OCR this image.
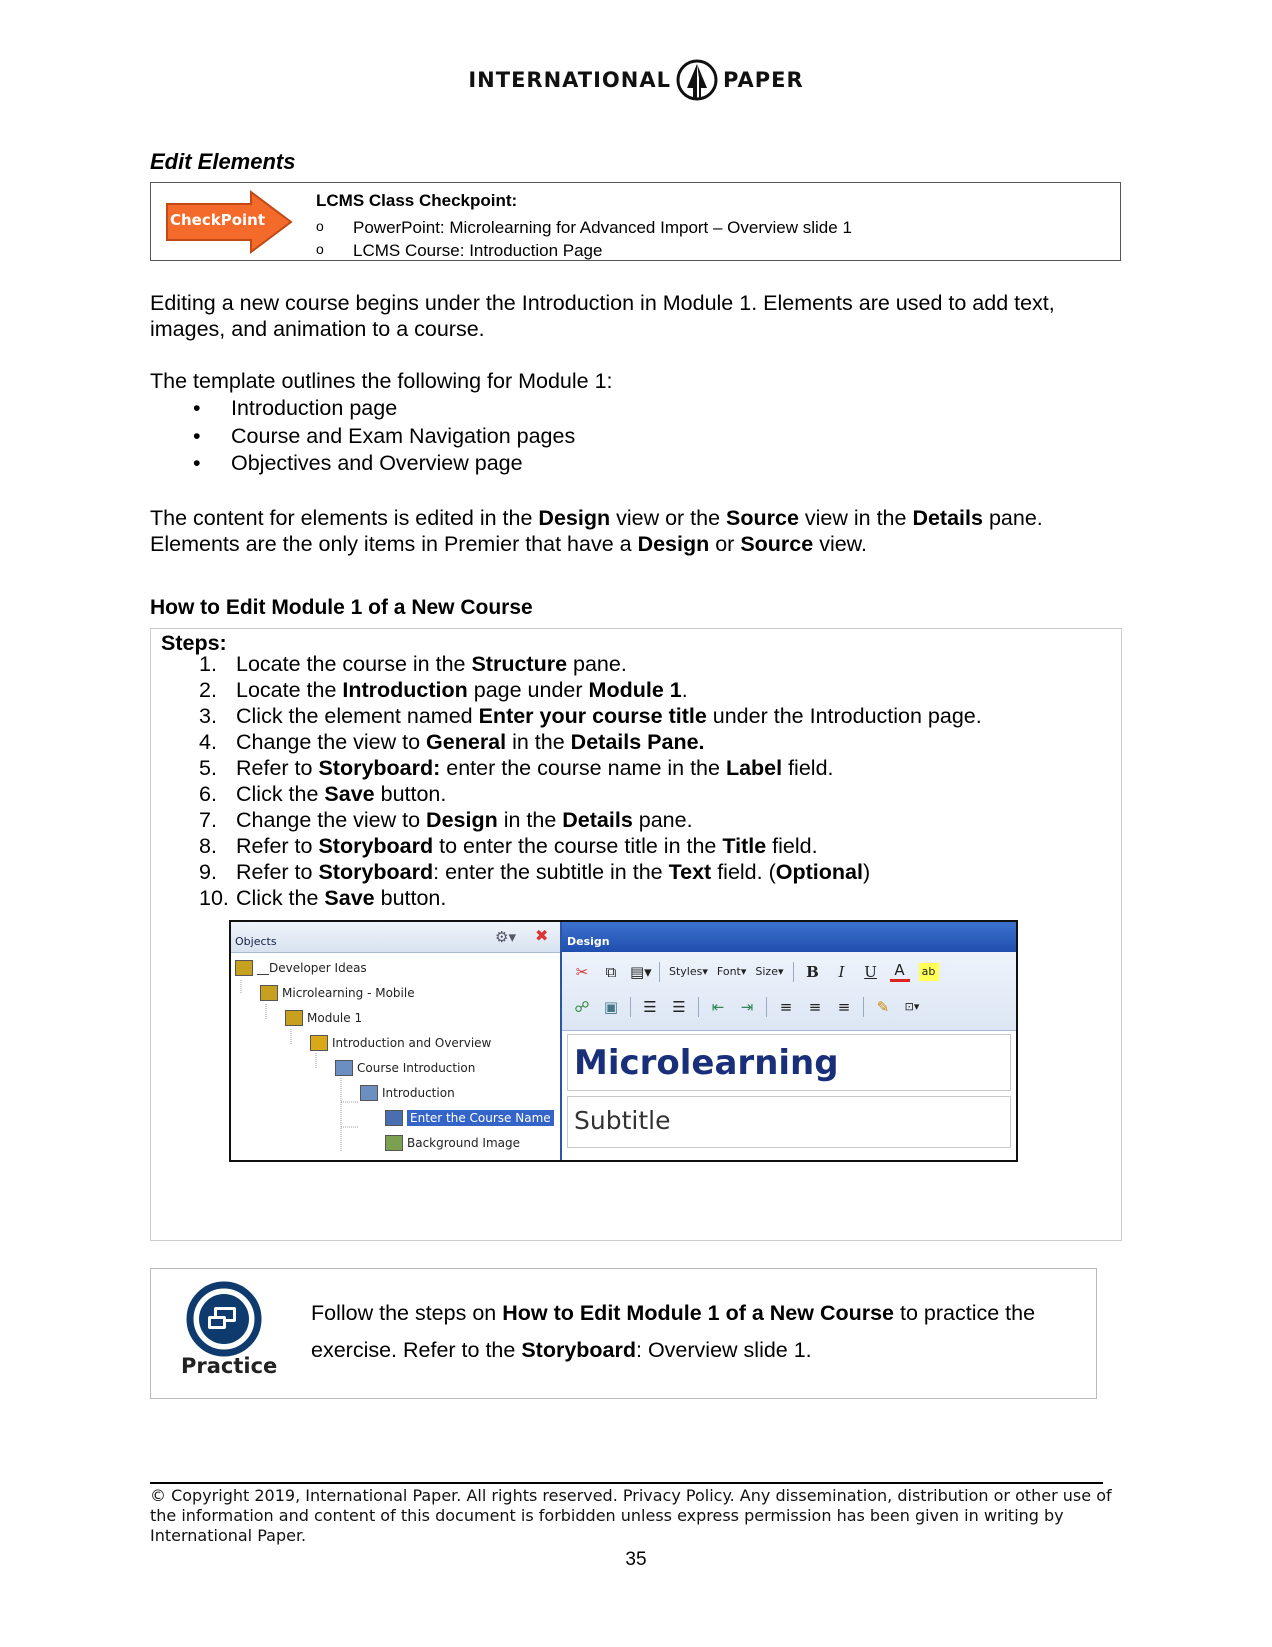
INTERNATIONAL PAPER
Edit Elements
CheckPoint
LCMS Class Checkpoint:
o	PowerPoint: Microlearning for Advanced Import – Overview slide 1
o	LCMS Course: Introduction Page
Editing a new course begins under the Introduction in Module 1. Elements are used to add text, images, and animation to a course.
The template outlines the following for Module 1:
•	Introduction page
•	Course and Exam Navigation pages
•	Objectives and Overview page
The content for elements is edited in the Design view or the Source view in the Details pane.
Elements are the only items in Premier that have a Design or Source view.
How to Edit Module 1 of a New Course
Steps:
1. Locate the course in the Structure pane.
2. Locate the Introduction page under Module 1.
3. Click the element named Enter your course title under the Introduction page.
4. Change the view to General in the Details Pane.
5. Refer to Storyboard: enter the course name in the Label field.
6. Click the Save button.
7. Change the view to Design in the Details pane.
8. Refer to Storyboard to enter the course title in the Title field.
9. Refer to Storyboard: enter the subtitle in the Text field. (Optional)
10. Click the Save button.
Objects	⚙▾ ✖
__Developer Ideas
Microlearning - Mobile
Module 1
Introduction and Overview
Course Introduction
Introduction
Enter the Course Name
Background Image
Design
✂	⧉ ▤▾ Styles▾ Font▾ Size▾ B	I	U	A	ab
☍ ▣ ☰ ☰ ⇤ ⇥ ≡ ≡ ≡ ✎	⊡▾
Microlearning
Subtitle
Practice
Follow the steps on How to Edit Module 1 of a New Course to practice the exercise. Refer to the Storyboard: Overview slide 1.
© Copyright 2019, International Paper. All rights reserved. Privacy Policy. Any dissemination, distribution or other use of the information and content of this document is forbidden unless express permission has been given in writing by International Paper.
35
